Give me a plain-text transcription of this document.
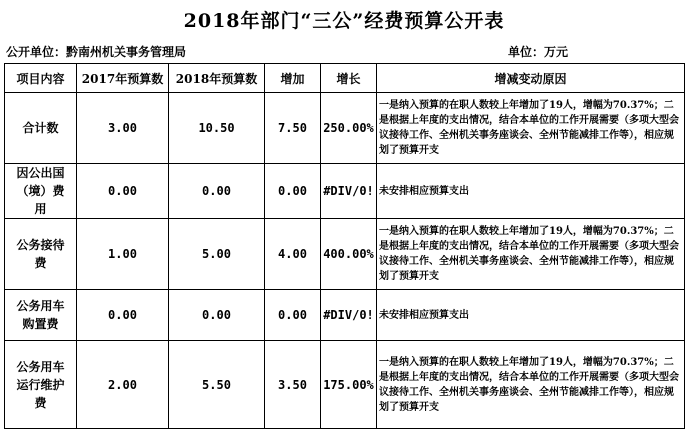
2018年部门“三公”经费预算公开表
公开单位：黔南州机关事务管理局	单位：万元
项目内容	2017年预算数	2018年预算数	增加	增长	增减变动原因
合计数	3.00	10.50	7.50	250.00%	一是纳入预算的在职人数较上年增加了19人，增幅为70.37%；二是根据上年度的支出情况，结合本单位的工作开展需要（多项大型会议接待工作、全州机关事务座谈会、全州节能减排工作等），相应规划了预算开支
因公出国（境）费用	0.00	0.00	0.00	#DIV/0!	未安排相应预算支出
公务接待费	1.00	5.00	4.00	400.00%	一是纳入预算的在职人数较上年增加了19人，增幅为70.37%；二是根据上年度的支出情况，结合本单位的工作开展需要（多项大型会议接待工作、全州机关事务座谈会、全州节能减排工作等），相应规划了预算开支
公务用车购置费	0.00	0.00	0.00	#DIV/0!	未安排相应预算支出
公务用车运行维护费	2.00	5.50	3.50	175.00%	一是纳入预算的在职人数较上年增加了19人，增幅为70.37%；二是根据上年度的支出情况，结合本单位的工作开展需要（多项大型会议接待工作、全州机关事务座谈会、全州节能减排工作等），相应规划了预算开支
